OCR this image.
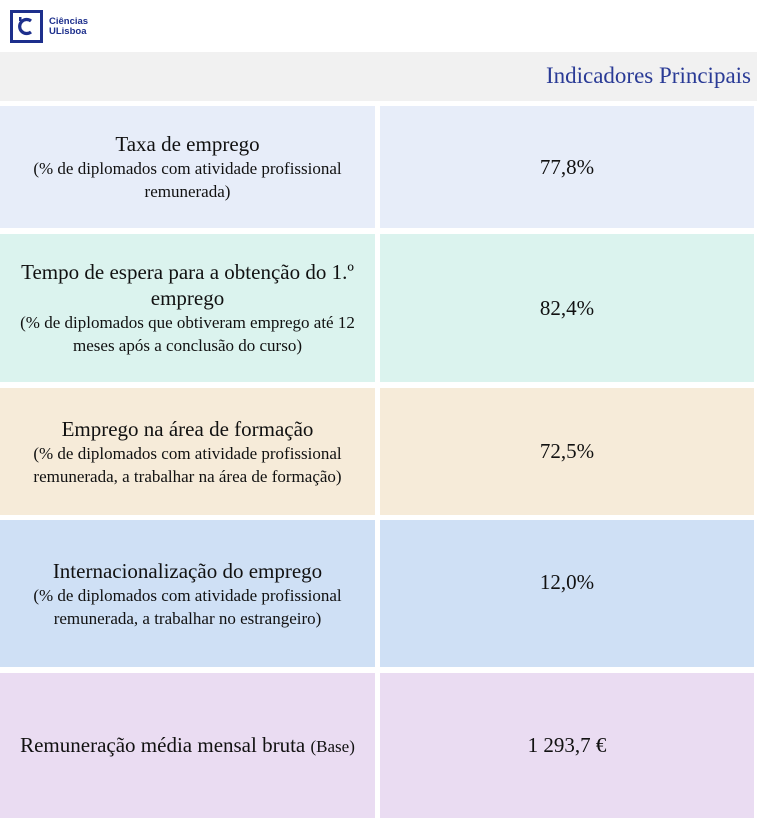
Ciências
ULisboa
Indicadores Principais
Taxa de emprego
(% de diplomados com atividade profissional remunerada)
77,8%
Tempo de espera para a obtenção do 1.º emprego
(% de diplomados que obtiveram emprego até 12 meses após a conclusão do curso)
82,4%
Emprego na área de formação
(% de diplomados com atividade profissional remunerada, a trabalhar na área de formação)
72,5%
Internacionalização do emprego
(% de diplomados com atividade profissional remunerada, a trabalhar no estrangeiro)
12,0%
Remuneração média mensal bruta (Base)	1 293,7 €
